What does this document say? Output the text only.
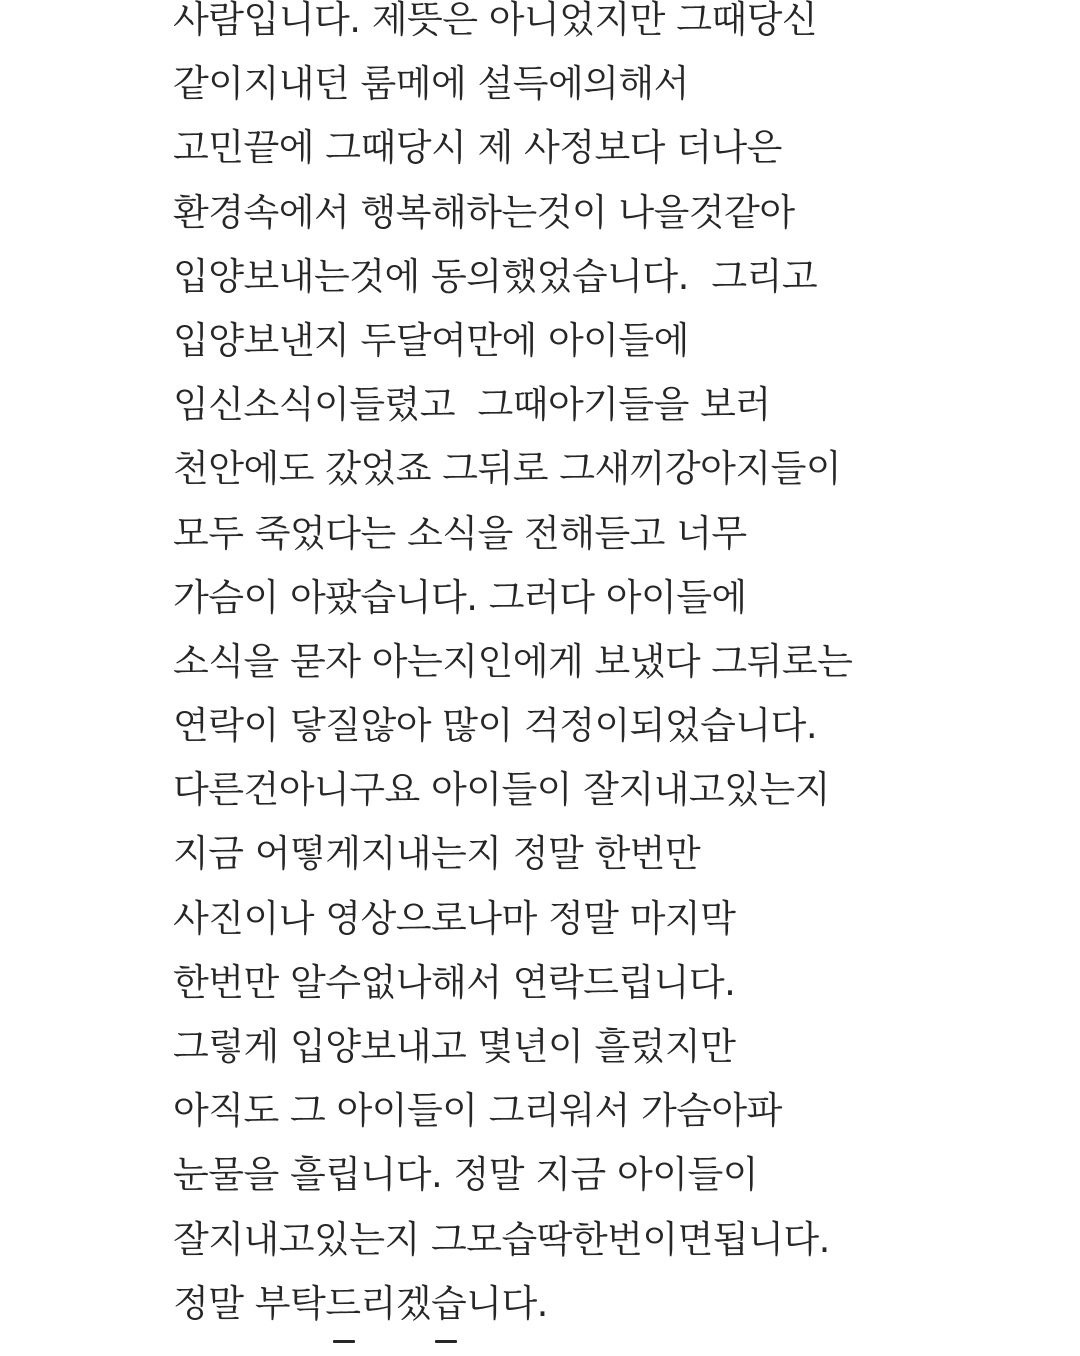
사람입니다. 제뜻은 아니었지만 그때당신
같이지내던 룸메에 설득에의해서
고민끝에 그때당시 제 사정보다 더나은
환경속에서 행복해하는것이 나을것같아
입양보내는것에 동의했었습니다.  그리고
입양보낸지 두달여만에 아이들에
임신소식이들렸고  그때아기들을 보러
천안에도 갔었죠 그뒤로 그새끼강아지들이
모두 죽었다는 소식을 전해듣고 너무
가슴이 아팠습니다. 그러다 아이들에
소식을 묻자 아는지인에게 보냈다 그뒤로는
연락이 닿질않아 많이 걱정이되었습니다.
다른건아니구요 아이들이 잘지내고있는지
지금 어떻게지내는지 정말 한번만
사진이나 영상으로나마 정말 마지막
한번만 알수없나해서 연락드립니다.
그렇게 입양보내고 몇년이 흘렀지만
아직도 그 아이들이 그리워서 가슴아파
눈물을 흘립니다. 정말 지금 아이들이
잘지내고있는지 그모습딱한번이면됩니다.
정말 부탁드리겠습니다.
